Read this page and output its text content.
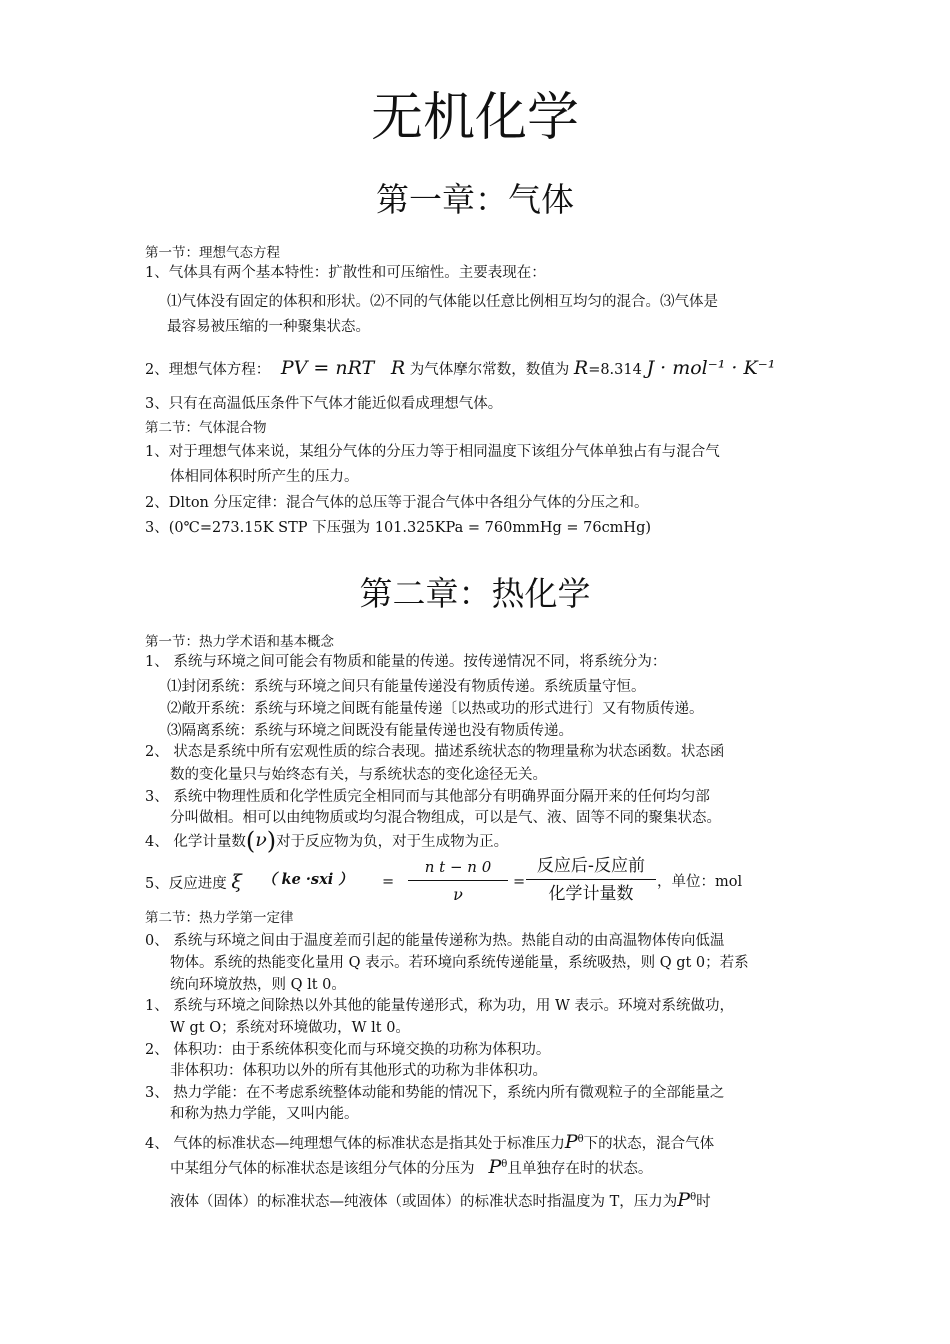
无机化学
第一章：气体
第一节：理想气态方程
1、气体具有两个基本特性：扩散性和可压缩性。主要表现在：
⑴气体没有固定的体积和形状。⑵不同的气体能以任意比例相互均匀的混合。⑶气体是
最容易被压缩的一种聚集状态。
2、理想气体方程： PV = nRT R 为气体摩尔常数，数值为 R=8.314 J · mol⁻¹ · K⁻¹
3、只有在高温低压条件下气体才能近似看成理想气体。
第二节：气体混合物
1、对于理想气体来说，某组分气体的分压力等于相同温度下该组分气体单独占有与混合气
体相同体积时所产生的压力。
2、Dlton 分压定律：混合气体的总压等于混合气体中各组分气体的分压之和。
3、(0℃=273.15K STP 下压强为 101.325KPa = 760mmHg = 76cmHg)
第二章：热化学
第一节：热力学术语和基本概念
1、 系统与环境之间可能会有物质和能量的传递。按传递情况不同，将系统分为：
⑴封闭系统：系统与环境之间只有能量传递没有物质传递。系统质量守恒。
⑵敞开系统：系统与环境之间既有能量传递〔以热或功的形式进行〕又有物质传递。
⑶隔离系统：系统与环境之间既没有能量传递也没有物质传递。
2、 状态是系统中所有宏观性质的综合表现。描述系统状态的物理量称为状态函数。状态函
数的变化量只与始终态有关，与系统状态的变化途径无关。
3、 系统中物理性质和化学性质完全相同而与其他部分有明确界面分隔开来的任何均匀部
分叫做相。相可以由纯物质或均匀混合物组成，可以是气、液、固等不同的聚集状态。
4、 化学计量数(ν)对于反应物为负，对于生成物为正。
5、反应进度 ξ （ ke ·sxi ） =
n t − n 0
ν
=
反应后-反应前
化学计量数
，单位：mol
第二节：热力学第一定律
0、 系统与环境之间由于温度差而引起的能量传递称为热。热能自动的由高温物体传向低温
物体。系统的热能变化量用 Q 表示。若环境向系统传递能量，系统吸热，则 Q gt 0；若系
统向环境放热，则 Q lt 0。
1、 系统与环境之间除热以外其他的能量传递形式，称为功，用 W 表示。环境对系统做功，
W gt O；系统对环境做功，W lt 0。
2、 体积功：由于系统体积变化而与环境交换的功称为体积功。
非体积功：体积功以外的所有其他形式的功称为非体积功。
3、 热力学能：在不考虑系统整体动能和势能的情况下，系统内所有微观粒子的全部能量之
和称为热力学能，又叫内能。
4、 气体的标准状态—纯理想气体的标准状态是指其处于标准压力$P^\theta$下的状态，混合气体
中某组分气体的标准状态是该组分气体的分压为 $P^\theta$且单独存在时的状态。
液体（固体）的标准状态—纯液体（或固体）的标准状态时指温度为 T，压力为$P^\theta$时
